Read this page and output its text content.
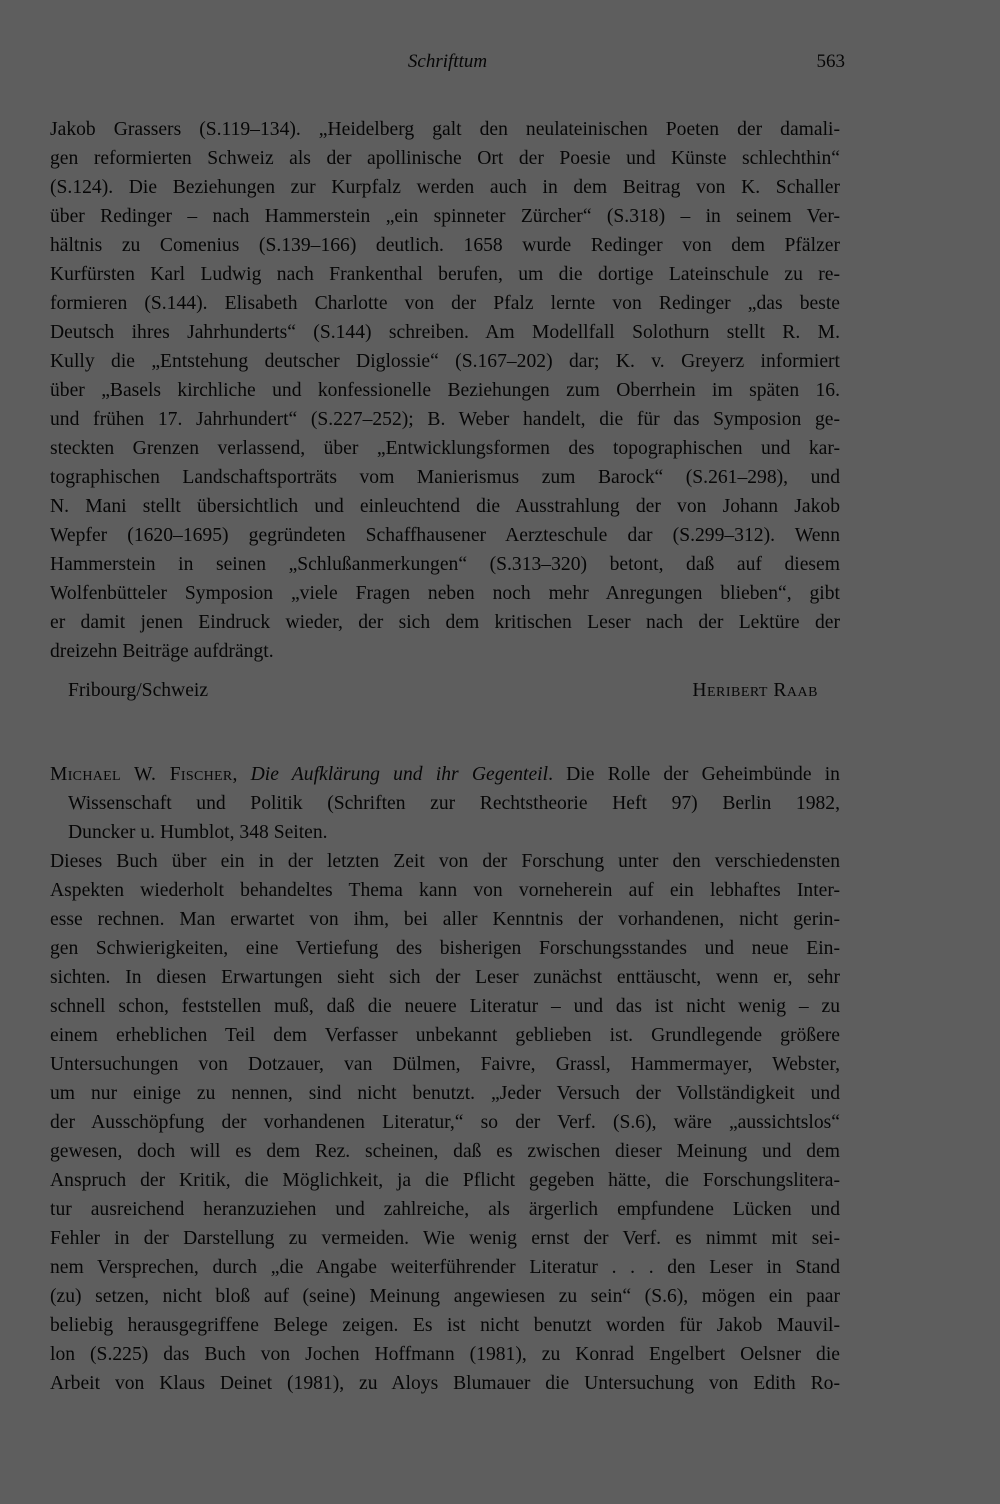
Schrifttum	563
Jakob Grassers (S.119–134). „Heidelberg galt den neulateinischen Poeten der damali-
gen reformierten Schweiz als der apollinische Ort der Poesie und Künste schlechthin“
(S.124). Die Beziehungen zur Kurpfalz werden auch in dem Beitrag von K. Schaller
über Redinger – nach Hammerstein „ein spinneter Zürcher“ (S.318) – in seinem Ver-
hältnis zu Comenius (S.139–166) deutlich. 1658 wurde Redinger von dem Pfälzer
Kurfürsten Karl Ludwig nach Frankenthal berufen, um die dortige Lateinschule zu re-
formieren (S.144). Elisabeth Charlotte von der Pfalz lernte von Redinger „das beste
Deutsch ihres Jahrhunderts“ (S.144) schreiben. Am Modellfall Solothurn stellt R. M.
Kully die „Entstehung deutscher Diglossie“ (S.167–202) dar; K. v. Greyerz informiert
über „Basels kirchliche und konfessionelle Beziehungen zum Oberrhein im späten 16.
und frühen 17. Jahrhundert“ (S.227–252); B. Weber handelt, die für das Symposion ge-
steckten Grenzen verlassend, über „Entwicklungsformen des topographischen und kar-
tographischen Landschaftsporträts vom Manierismus zum Barock“ (S.261–298), und
N. Mani stellt übersichtlich und einleuchtend die Ausstrahlung der von Johann Jakob
Wepfer (1620–1695) gegründeten Schaffhausener Aerzteschule dar (S.299–312). Wenn
Hammerstein in seinen „Schlußanmerkungen“ (S.313–320) betont, daß auf diesem
Wolfenbütteler Symposion „viele Fragen neben noch mehr Anregungen blieben“, gibt
er damit jenen Eindruck wieder, der sich dem kritischen Leser nach der Lektüre der
dreizehn Beiträge aufdrängt.
Fribourg/Schweiz	Heribert Raab
Michael W. Fischer, Die Aufklärung und ihr Gegenteil. Die Rolle der Geheimbünde in
Wissenschaft und Politik (Schriften zur Rechtstheorie Heft 97) Berlin 1982,
Duncker u. Humblot, 348 Seiten.
Dieses Buch über ein in der letzten Zeit von der Forschung unter den verschiedensten
Aspekten wiederholt behandeltes Thema kann von vorneherein auf ein lebhaftes Inter-
esse rechnen. Man erwartet von ihm, bei aller Kenntnis der vorhandenen, nicht gerin-
gen Schwierigkeiten, eine Vertiefung des bisherigen Forschungsstandes und neue Ein-
sichten. In diesen Erwartungen sieht sich der Leser zunächst enttäuscht, wenn er, sehr
schnell schon, feststellen muß, daß die neuere Literatur – und das ist nicht wenig – zu
einem erheblichen Teil dem Verfasser unbekannt geblieben ist. Grundlegende größere
Untersuchungen von Dotzauer, van Dülmen, Faivre, Grassl, Hammermayer, Webster,
um nur einige zu nennen, sind nicht benutzt. „Jeder Versuch der Vollständigkeit und
der Ausschöpfung der vorhandenen Literatur,“ so der Verf. (S.6), wäre „aussichtslos“
gewesen, doch will es dem Rez. scheinen, daß es zwischen dieser Meinung und dem
Anspruch der Kritik, die Möglichkeit, ja die Pflicht gegeben hätte, die Forschungslitera-
tur ausreichend heranzuziehen und zahlreiche, als ärgerlich empfundene Lücken und
Fehler in der Darstellung zu vermeiden. Wie wenig ernst der Verf. es nimmt mit sei-
nem Versprechen, durch „die Angabe weiterführender Literatur . . . den Leser in Stand
(zu) setzen, nicht bloß auf (seine) Meinung angewiesen zu sein“ (S.6), mögen ein paar
beliebig herausgegriffene Belege zeigen. Es ist nicht benutzt worden für Jakob Mauvil-
lon (S.225) das Buch von Jochen Hoffmann (1981), zu Konrad Engelbert Oelsner die
Arbeit von Klaus Deinet (1981), zu Aloys Blumauer die Untersuchung von Edith Ro-
